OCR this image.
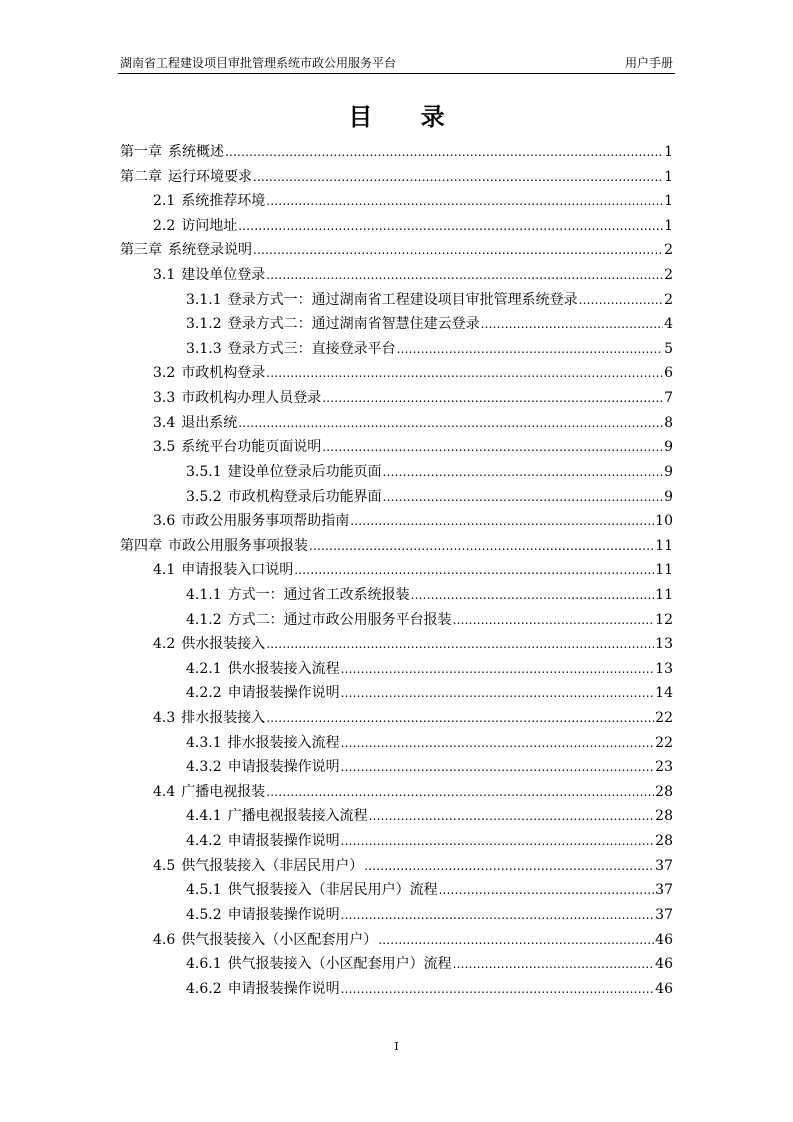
湖南省工程建设项目审批管理系统市政公用服务平台	用户手册
目 录
第一章 系统概述 .....	1
第二章 运行环境要求 .....	1
2.1 系统推荐环境 .....	1
2.2 访问地址 .....	1
第三章 系统登录说明 .....	2
3.1 建设单位登录 .....	2
3.1.1 登录方式一：通过湖南省工程建设项目审批管理系统登录 .....	2
3.1.2 登录方式二：通过湖南省智慧住建云登录 .....	4
3.1.3 登录方式三：直接登录平台 .....	5
3.2 市政机构登录 .....	6
3.3 市政机构办理人员登录 .....	7
3.4 退出系统 .....	8
3.5 系统平台功能页面说明 .....	9
3.5.1 建设单位登录后功能页面 .....	9
3.5.2 市政机构登录后功能界面 .....	9
3.6 市政公用服务事项帮助指南 .....	10
第四章 市政公用服务事项报装 .....	11
4.1 申请报装入口说明 .....	11
4.1.1 方式一：通过省工改系统报装 .....	11
4.1.2 方式二：通过市政公用服务平台报装 .....	12
4.2 供水报装接入 .....	13
4.2.1 供水报装接入流程 .....	13
4.2.2 申请报装操作说明 .....	14
4.3 排水报装接入 .....	22
4.3.1 排水报装接入流程 .....	22
4.3.2 申请报装操作说明 .....	23
4.4 广播电视报装 .....	28
4.4.1 广播电视报装接入流程 .....	28
4.4.2 申请报装操作说明 .....	28
4.5 供气报装接入（非居民用户） .....	37
4.5.1 供气报装接入（非居民用户）流程 .....	37
4.5.2 申请报装操作说明 .....	37
4.6 供气报装接入（小区配套用户） .....	46
4.6.1 供气报装接入（小区配套用户）流程 .....	46
4.6.2 申请报装操作说明 .....	46
I
